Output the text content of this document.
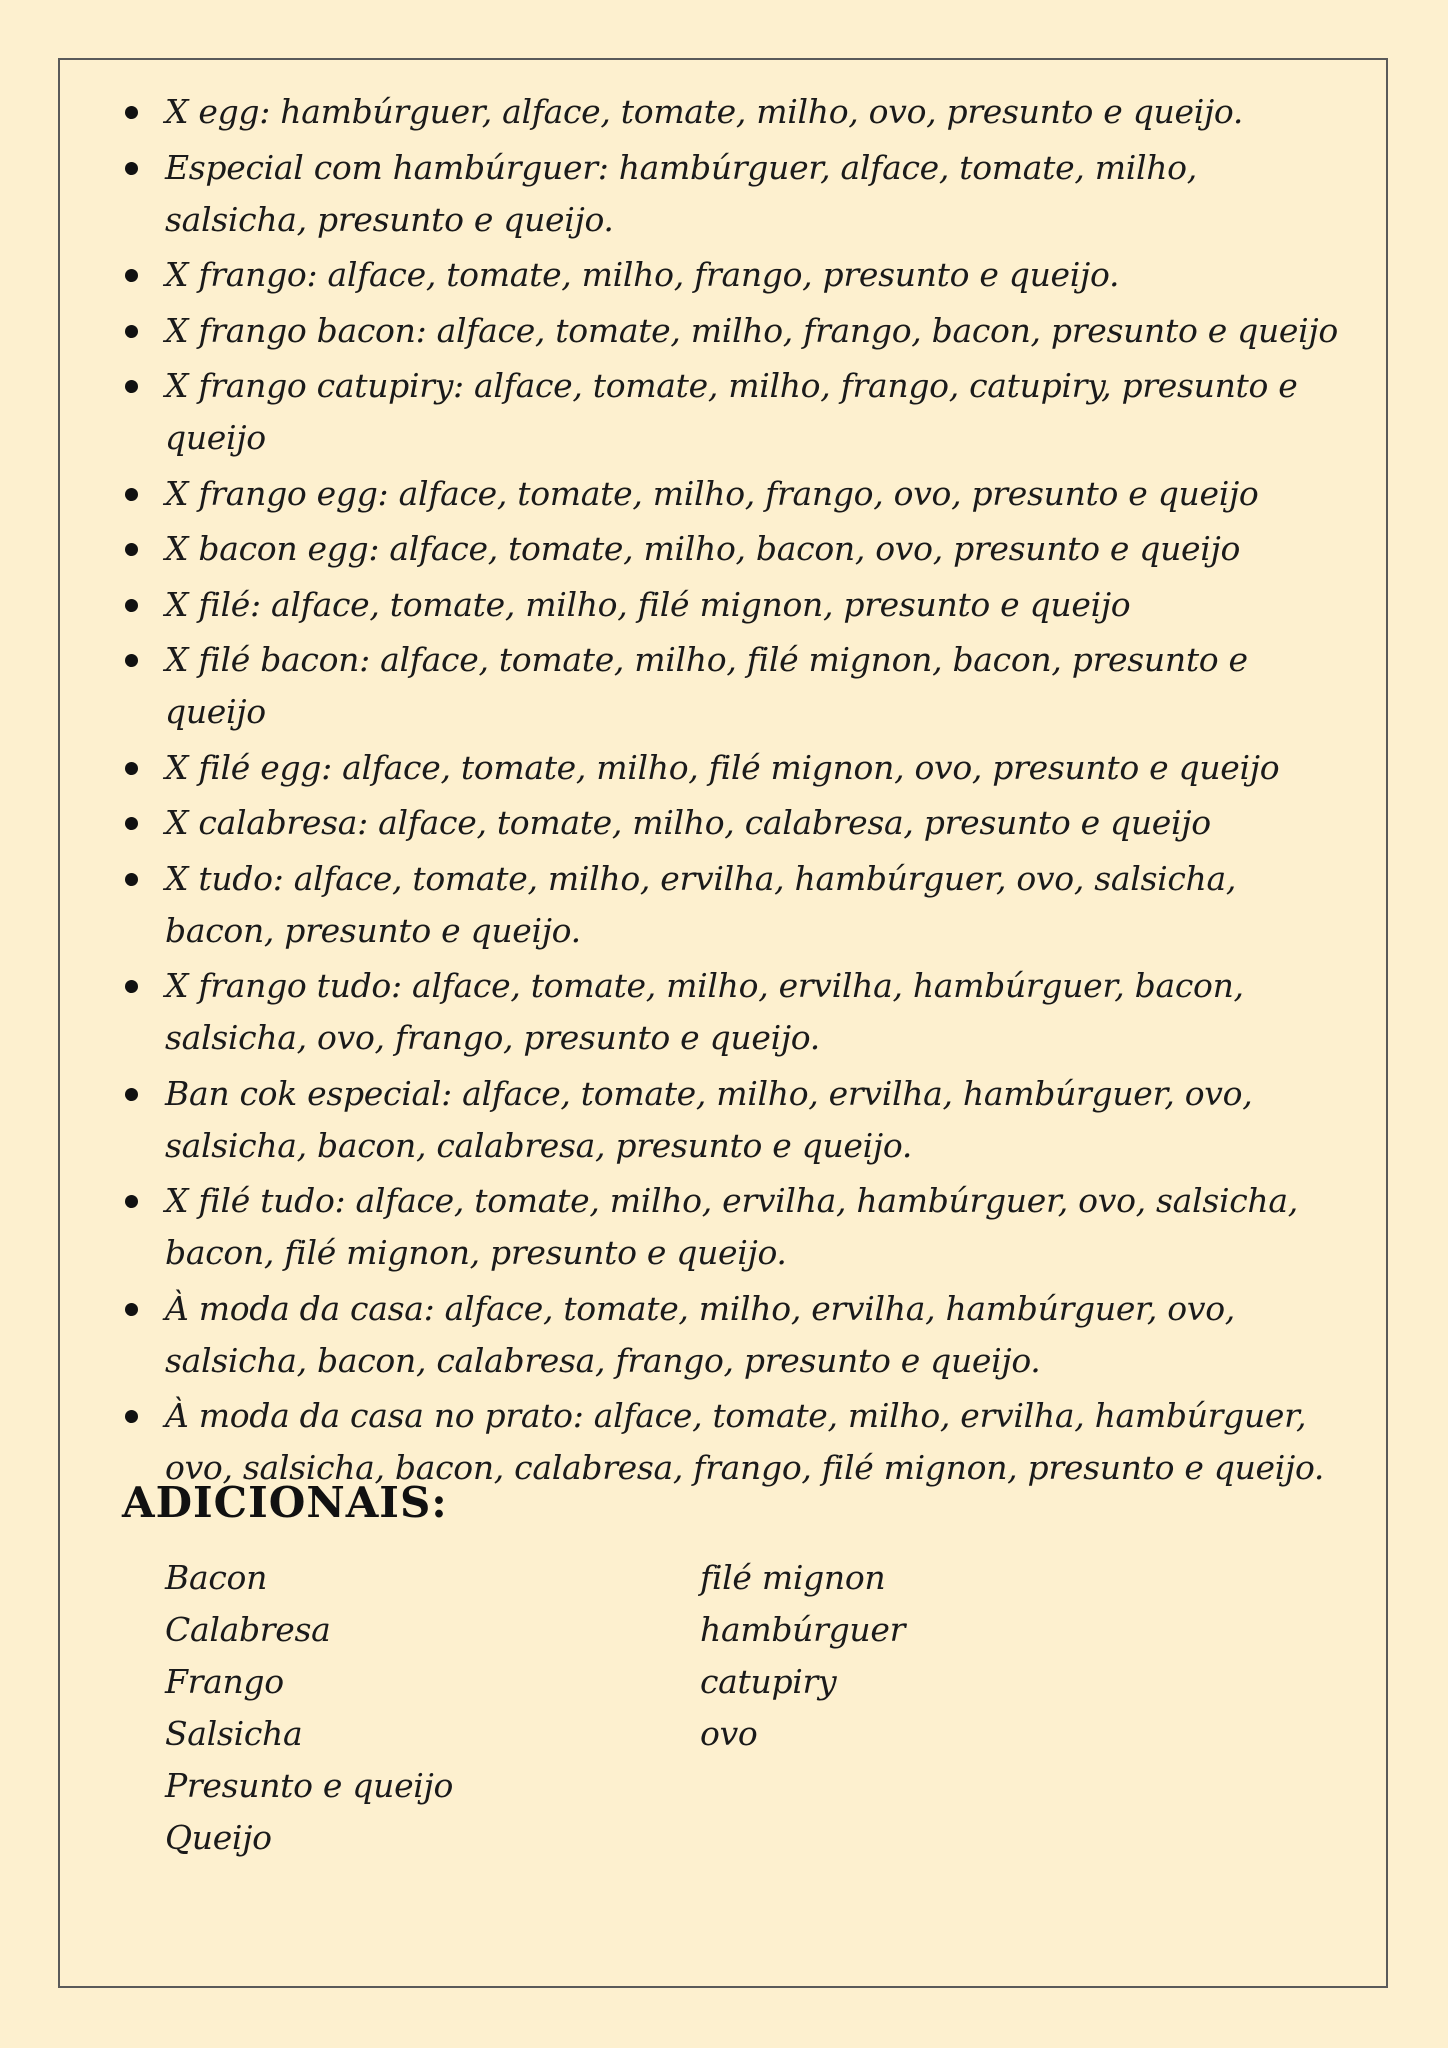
X egg: hambúrguer, alface, tomate, milho, ovo, presunto e queijo.
Especial com hambúrguer: hambúrguer, alface, tomate, milho, salsicha, presunto e queijo.
X frango: alface, tomate, milho, frango, presunto e queijo.
X frango bacon: alface, tomate, milho, frango, bacon, presunto e queijo
X frango catupiry: alface, tomate, milho, frango, catupiry, presunto e queijo
X frango egg: alface, tomate, milho, frango, ovo, presunto e queijo
X bacon egg: alface, tomate, milho, bacon, ovo, presunto e queijo
X filé: alface, tomate, milho, filé mignon, presunto e queijo
X filé bacon: alface, tomate, milho, filé mignon, bacon, presunto e queijo
X filé egg: alface, tomate, milho, filé mignon, ovo, presunto e queijo
X calabresa: alface, tomate, milho, calabresa, presunto e queijo
X tudo: alface, tomate, milho, ervilha, hambúrguer, ovo, salsicha, bacon, presunto e queijo.
X frango tudo: alface, tomate, milho, ervilha, hambúrguer, bacon, salsicha, ovo, frango, presunto e queijo.
Ban cok especial: alface, tomate, milho, ervilha, hambúrguer, ovo, salsicha, bacon, calabresa, presunto e queijo.
X filé tudo: alface, tomate, milho, ervilha, hambúrguer, ovo, salsicha, bacon, filé mignon, presunto e queijo.
À moda da casa: alface, tomate, milho, ervilha, hambúrguer, ovo, salsicha, bacon, calabresa, frango, presunto e queijo.
À moda da casa no prato: alface, tomate, milho, ervilha, hambúrguer, ovo, salsicha, bacon, calabresa, frango, filé mignon, presunto e queijo.
ADICIONAIS:
Bacon
Calabresa
Frango
Salsicha
Presunto e queijo
Queijo
filé mignon
hambúrguer
catupiry
ovo
